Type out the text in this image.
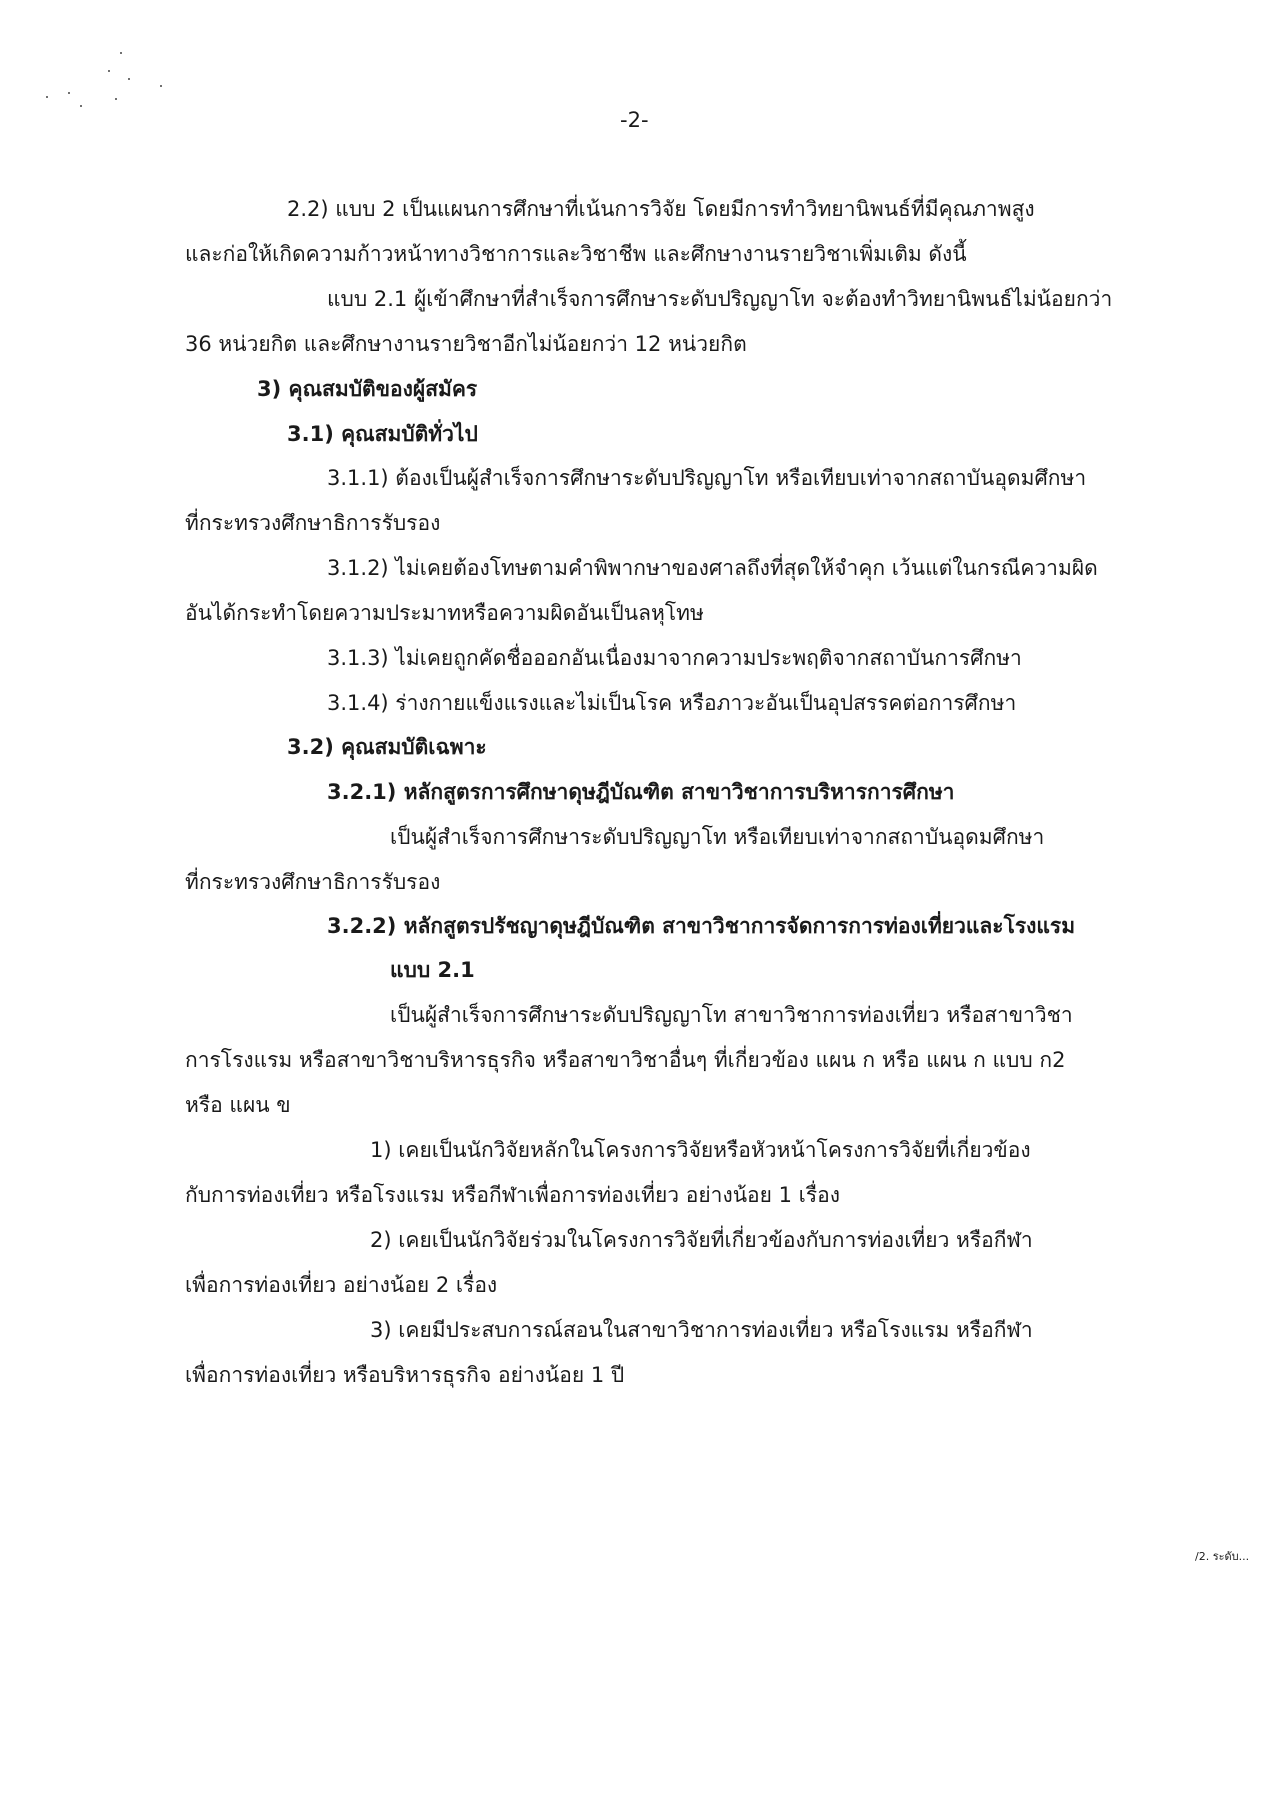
-2-
2.2) แบบ 2 เป็นแผนการศึกษาที่เน้นการวิจัย โดยมีการทำวิทยานิพนธ์ที่มีคุณภาพสูง
และก่อให้เกิดความก้าวหน้าทางวิชาการและวิชาชีพ และศึกษางานรายวิชาเพิ่มเติม ดังนี้
แบบ 2.1 ผู้เข้าศึกษาที่สำเร็จการศึกษาระดับปริญญาโท จะต้องทำวิทยานิพนธ์ไม่น้อยกว่า
36 หน่วยกิต และศึกษางานรายวิชาอีกไม่น้อยกว่า 12 หน่วยกิต
3) คุณสมบัติของผู้สมัคร
3.1) คุณสมบัติทั่วไป
3.1.1) ต้องเป็นผู้สำเร็จการศึกษาระดับปริญญาโท หรือเทียบเท่าจากสถาบันอุดมศึกษา
ที่กระทรวงศึกษาธิการรับรอง
3.1.2) ไม่เคยต้องโทษตามคำพิพากษาของศาลถึงที่สุดให้จำคุก เว้นแต่ในกรณีความผิด
อันได้กระทำโดยความประมาทหรือความผิดอันเป็นลหุโทษ
3.1.3) ไม่เคยถูกคัดชื่อออกอันเนื่องมาจากความประพฤติจากสถาบันการศึกษา
3.1.4) ร่างกายแข็งแรงและไม่เป็นโรค หรือภาวะอันเป็นอุปสรรคต่อการศึกษา
3.2) คุณสมบัติเฉพาะ
3.2.1) หลักสูตรการศึกษาดุษฎีบัณฑิต สาขาวิชาการบริหารการศึกษา
เป็นผู้สำเร็จการศึกษาระดับปริญญาโท หรือเทียบเท่าจากสถาบันอุดมศึกษา
ที่กระทรวงศึกษาธิการรับรอง
3.2.2) หลักสูตรปรัชญาดุษฎีบัณฑิต สาขาวิชาการจัดการการท่องเที่ยวและโรงแรม
แบบ 2.1
เป็นผู้สำเร็จการศึกษาระดับปริญญาโท สาขาวิชาการท่องเที่ยว หรือสาขาวิชา
การโรงแรม หรือสาขาวิชาบริหารธุรกิจ หรือสาขาวิชาอื่นๆ ที่เกี่ยวข้อง แผน ก หรือ แผน ก แบบ ก2
หรือ แผน ข
1) เคยเป็นนักวิจัยหลักในโครงการวิจัยหรือหัวหน้าโครงการวิจัยที่เกี่ยวข้อง
กับการท่องเที่ยว หรือโรงแรม หรือกีฬาเพื่อการท่องเที่ยว อย่างน้อย 1 เรื่อง
2) เคยเป็นนักวิจัยร่วมในโครงการวิจัยที่เกี่ยวข้องกับการท่องเที่ยว หรือกีฬา
เพื่อการท่องเที่ยว อย่างน้อย 2 เรื่อง
3) เคยมีประสบการณ์สอนในสาขาวิชาการท่องเที่ยว หรือโรงแรม หรือกีฬา
เพื่อการท่องเที่ยว หรือบริหารธุรกิจ อย่างน้อย 1 ปี
/2. ระดับ...
